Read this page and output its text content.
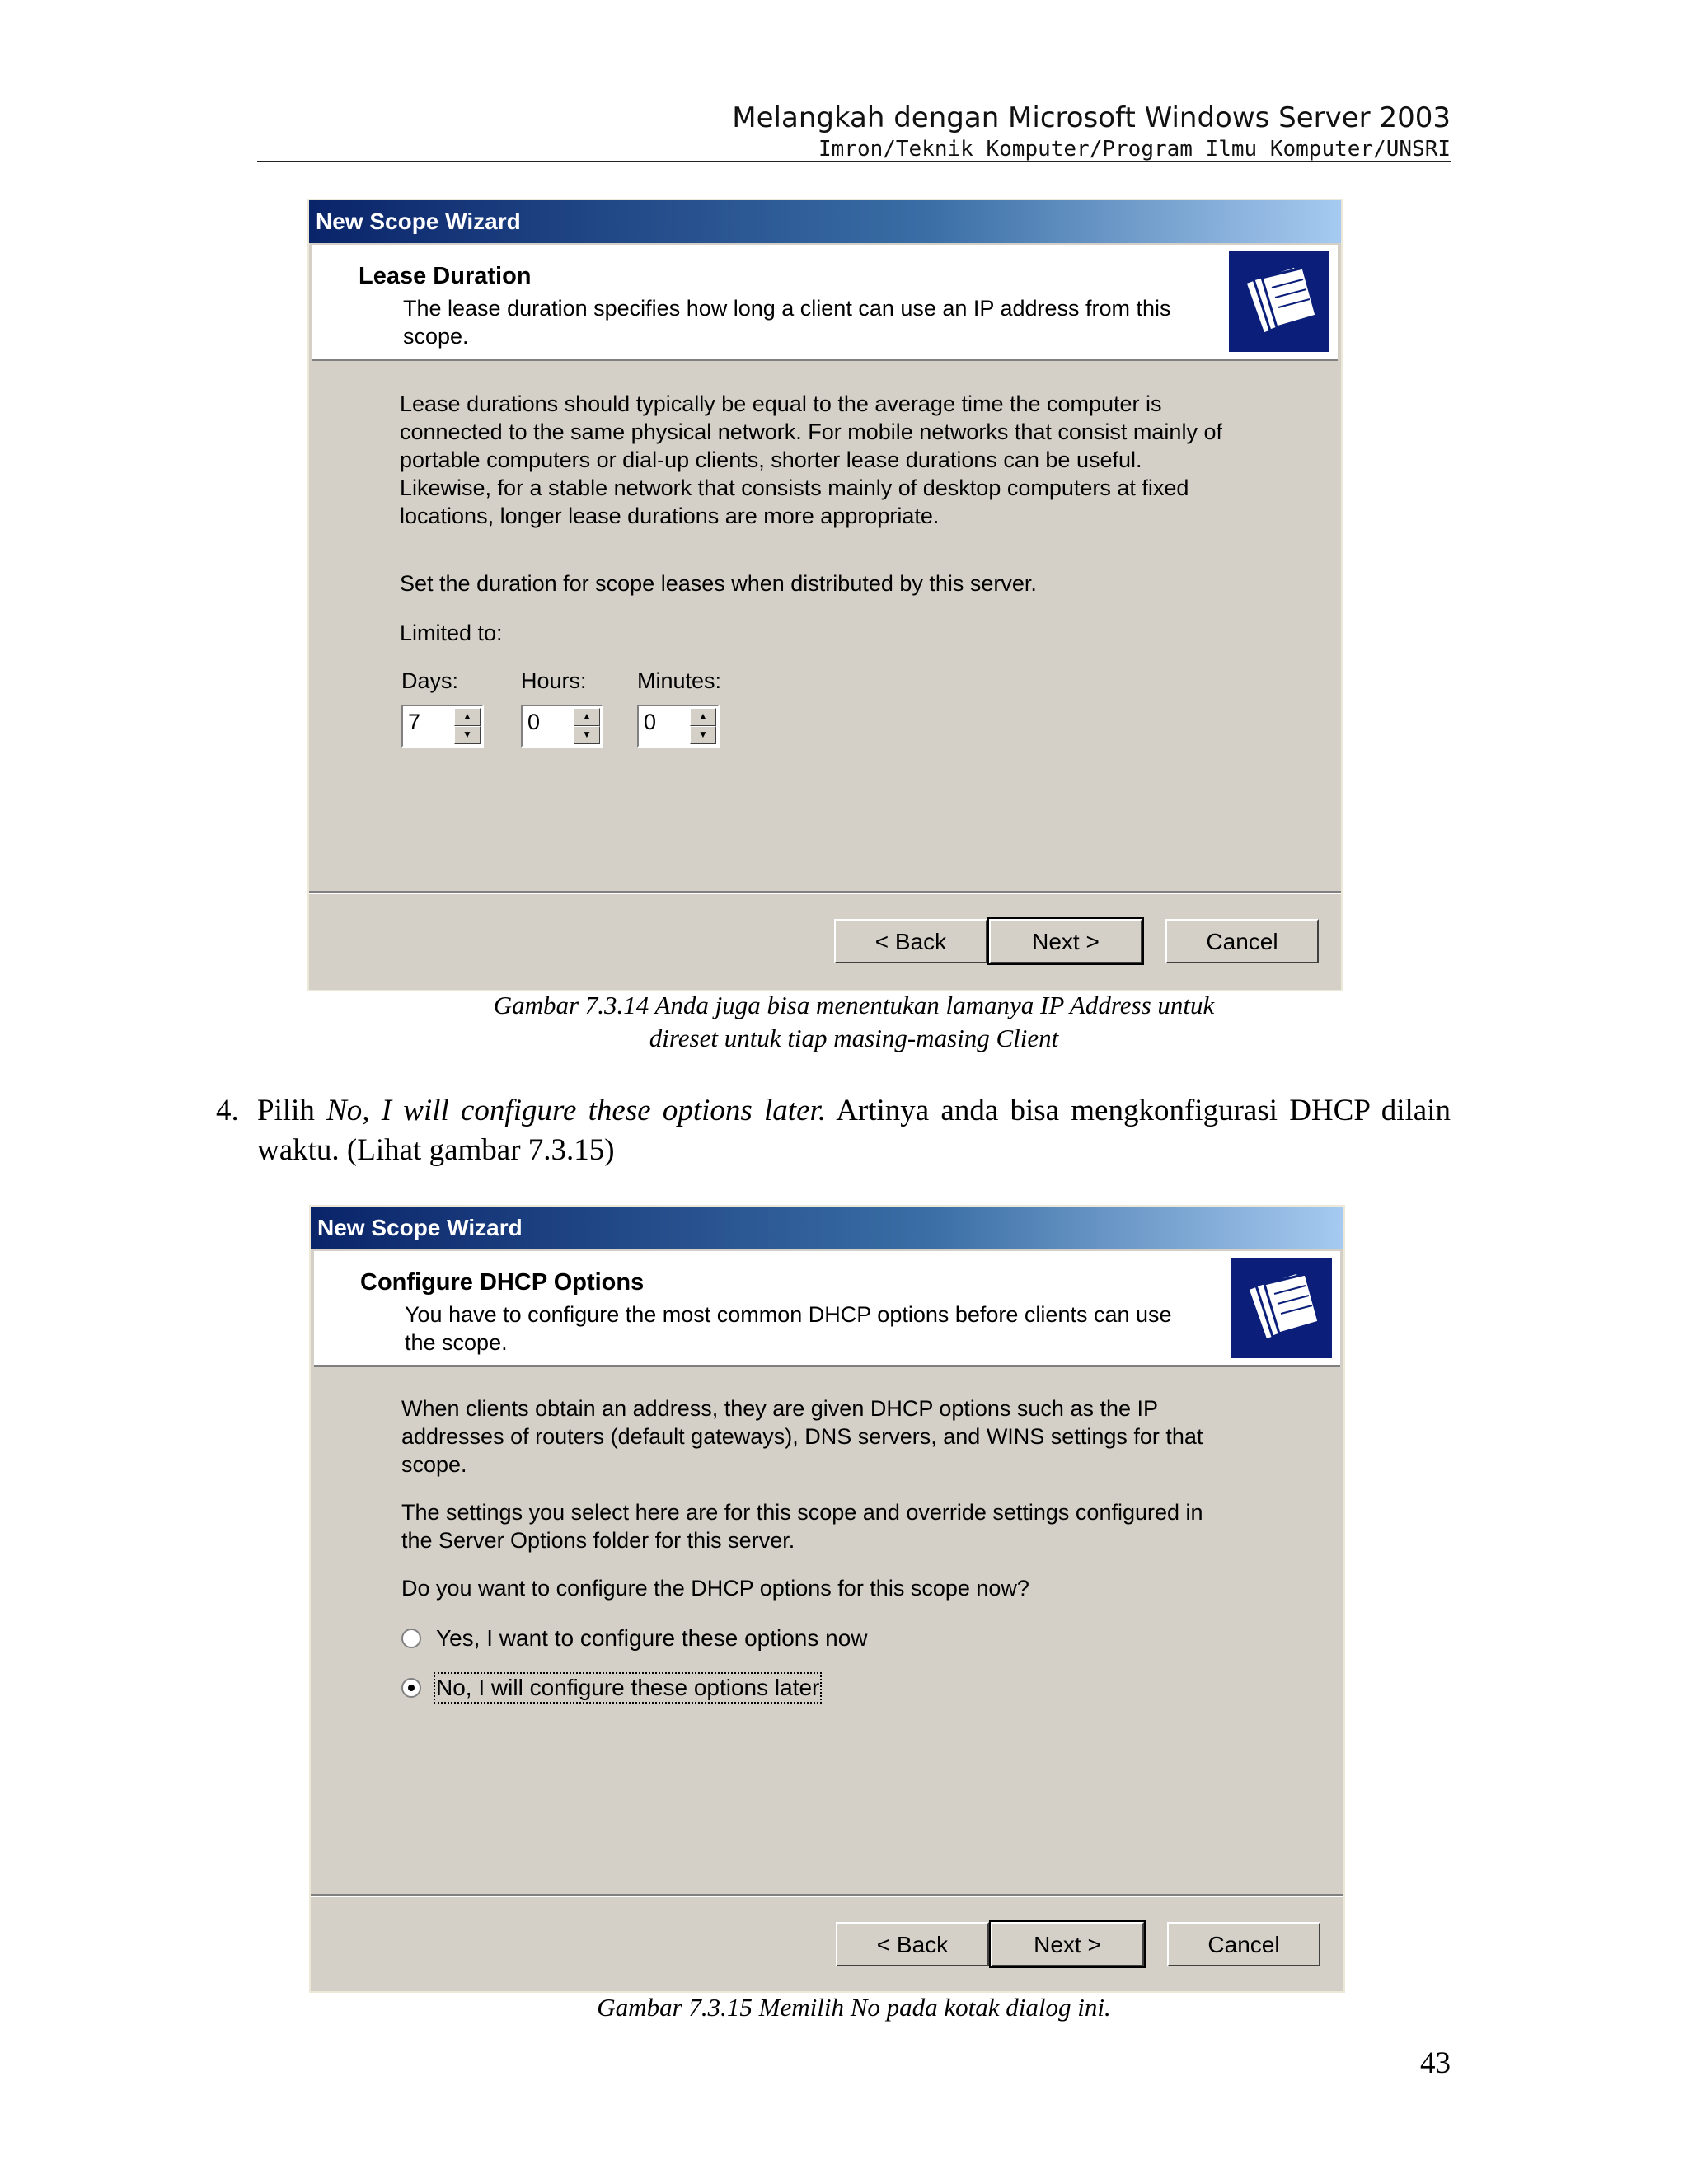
Melangkah dengan Microsoft Windows Server 2003
Imron/Teknik Komputer/Program Ilmu Komputer/UNSRI
New Scope Wizard
Lease Duration
The lease duration specifies how long a client can use an IP address from this scope.

Lease durations should typically be equal to the average time the computer is connected to the same physical network. For mobile networks that consist mainly of portable computers or dial-up clients, shorter lease durations can be useful. Likewise, for a stable network that consists mainly of desktop computers at fixed locations, longer lease durations are more appropriate.

Set the duration for scope leases when distributed by this server.

Limited to:

Days:	Hours: Minutes:
7	▲
▼	0	▲
▼	0	▲
▼
< Back	Next >	Cancel
Gambar 7.3.14 Anda juga bisa menentukan lamanya IP Address untuk
direset untuk tiap masing-masing Client
4. Pilih No, I will configure these options later. Artinya anda bisa mengkonfigurasi DHCP dilain waktu. (Lihat gambar 7.3.15)
New Scope Wizard
Configure DHCP Options
You have to configure the most common DHCP options before clients can use the scope.

When clients obtain an address, they are given DHCP options such as the IP addresses of routers (default gateways), DNS servers, and WINS settings for that scope.

The settings you select here are for this scope and override settings configured in the Server Options folder for this server.

Do you want to configure the DHCP options for this scope now?

Yes, I want to configure these options now
No, I will configure these options later
< Back	Next >	Cancel
Gambar 7.3.15 Memilih No pada kotak dialog ini.
43
